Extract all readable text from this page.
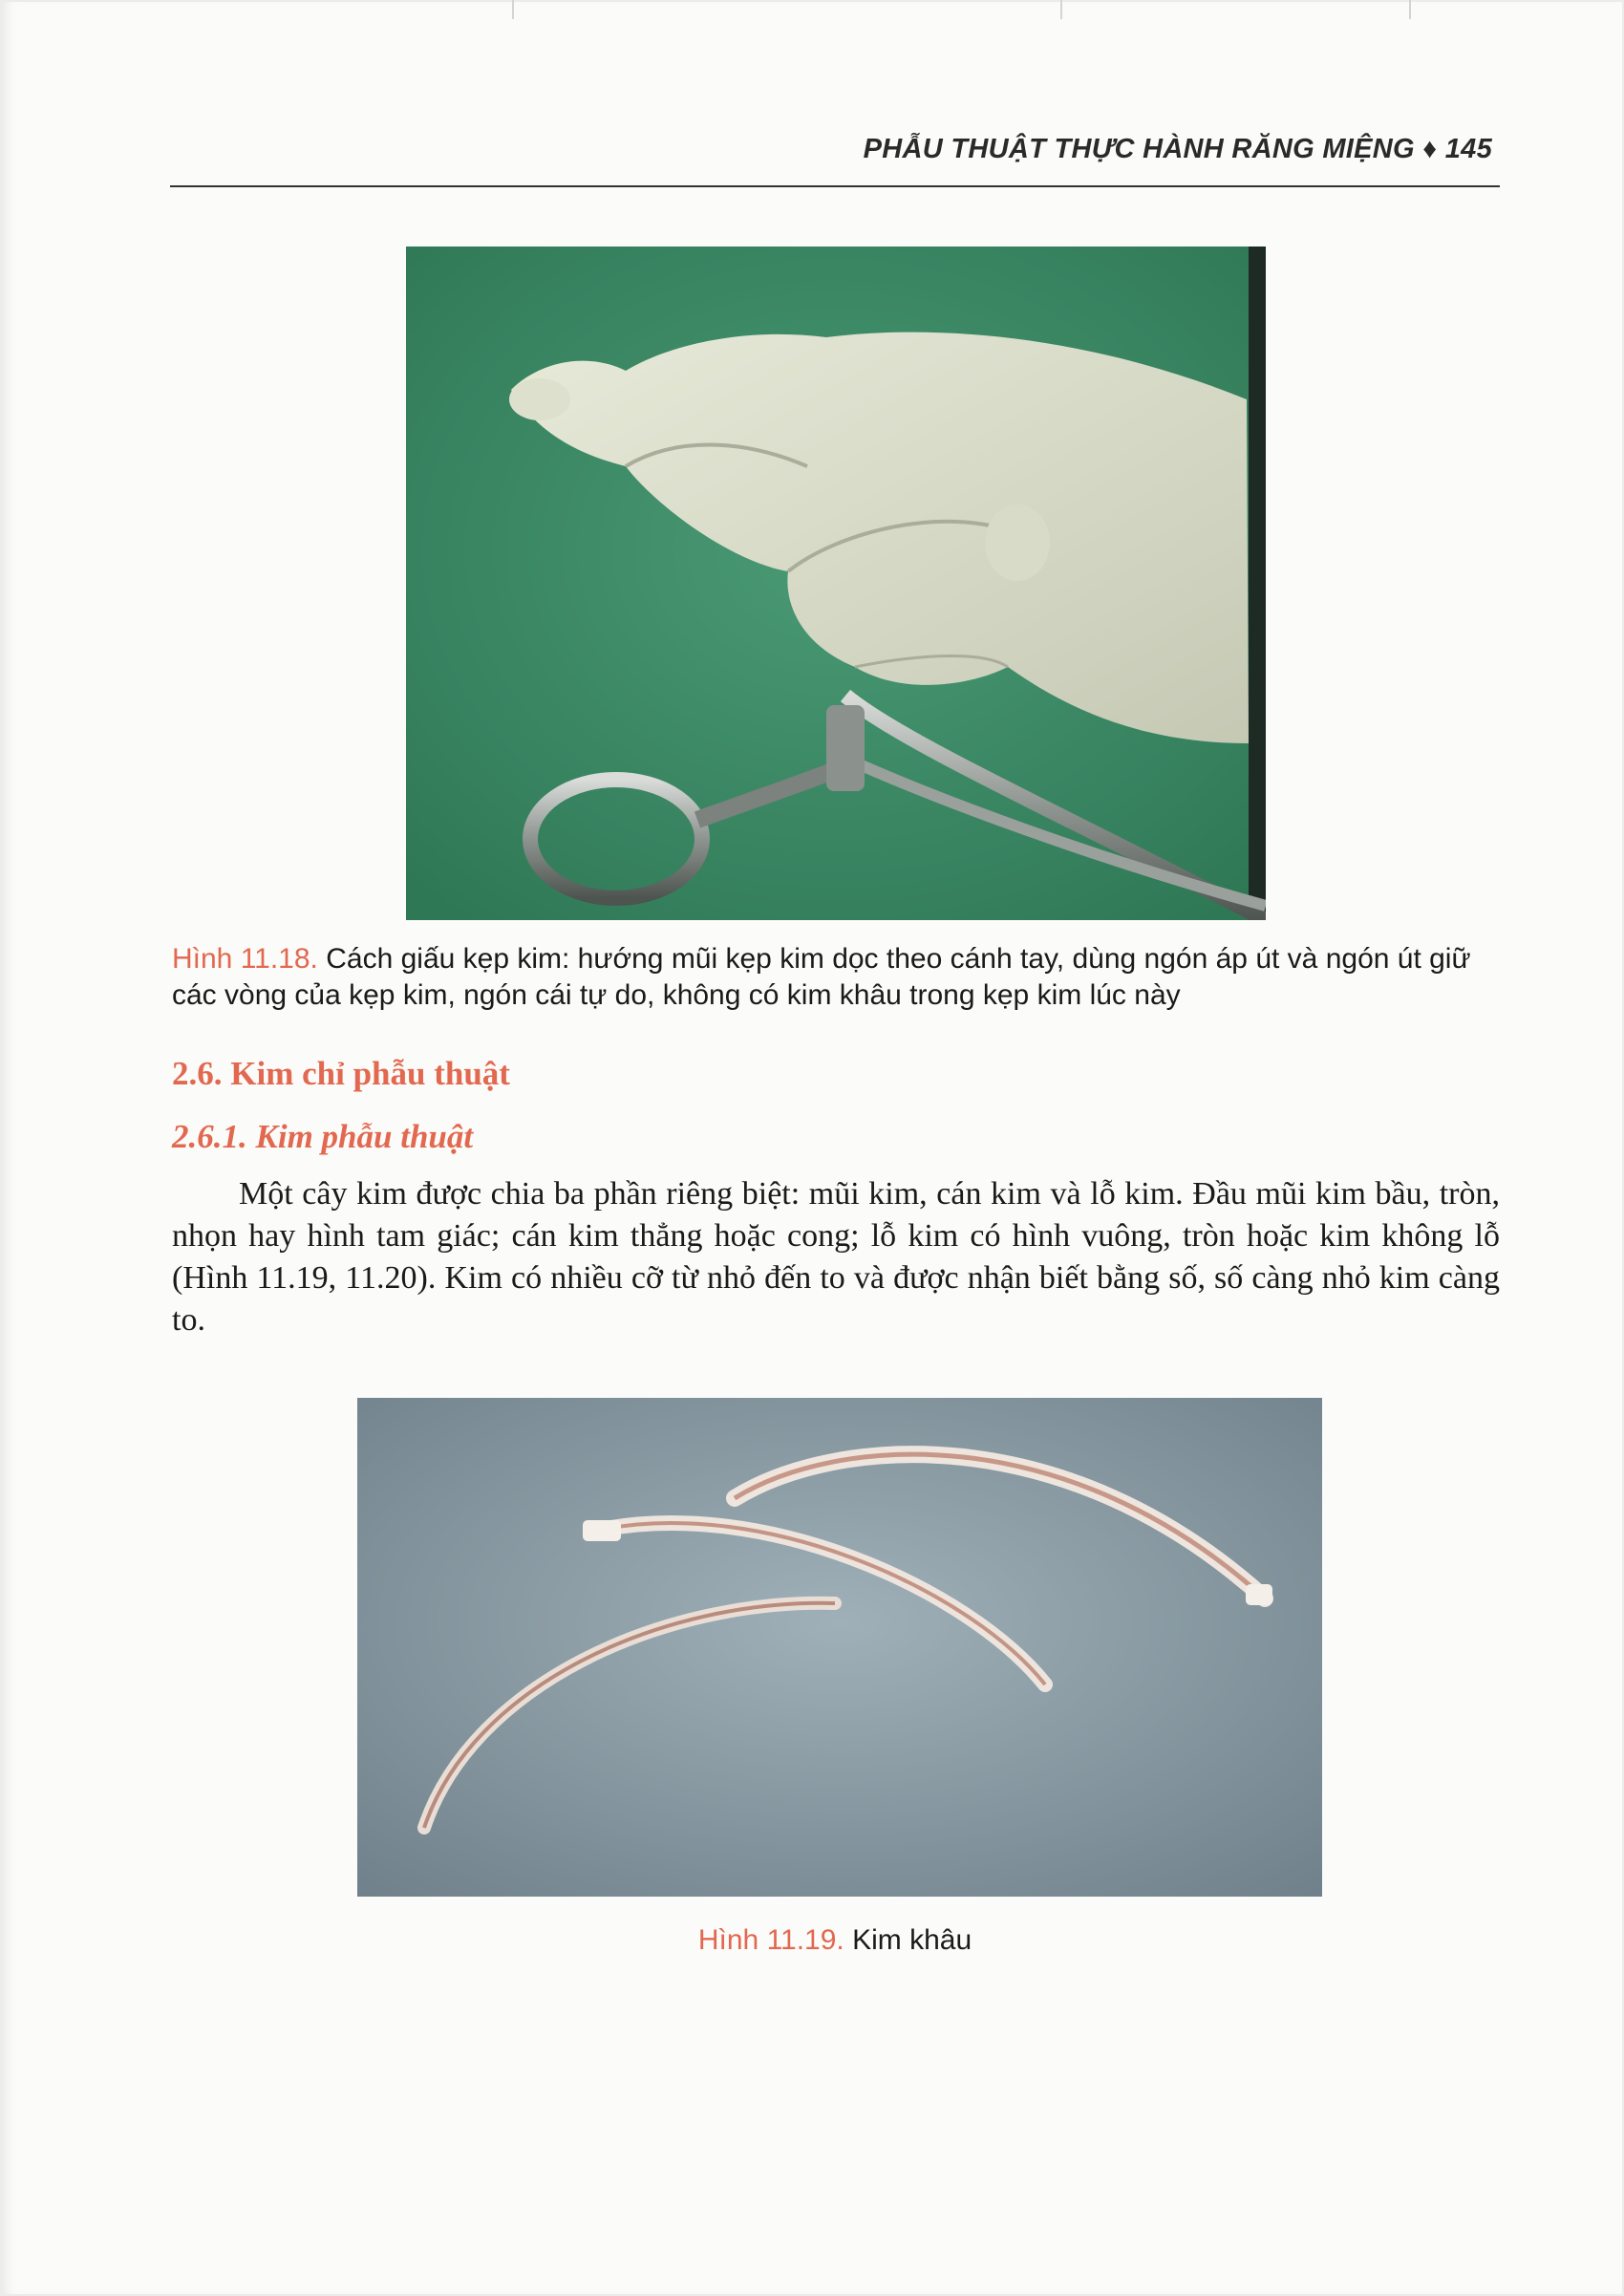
PHẪU THUẬT THỰC HÀNH RĂNG MIỆNG ♦ 145
Hình 11.18. Cách giấu kẹp kim: hướng mũi kẹp kim dọc theo cánh tay, dùng ngón áp út và ngón út giữ các vòng của kẹp kim, ngón cái tự do, không có kim khâu trong kẹp kim lúc này
2.6. Kim chỉ phẫu thuật
2.6.1. Kim phẫu thuật
Một cây kim được chia ba phần riêng biệt: mũi kim, cán kim và lỗ kim. Đầu mũi kim bầu, tròn, nhọn hay hình tam giác; cán kim thẳng hoặc cong; lỗ kim có hình vuông, tròn hoặc kim không lỗ (Hình 11.19, 11.20). Kim có nhiều cỡ từ nhỏ đến to và được nhận biết bằng số, số càng nhỏ kim càng to.
Hình 11.19. Kim khâu
